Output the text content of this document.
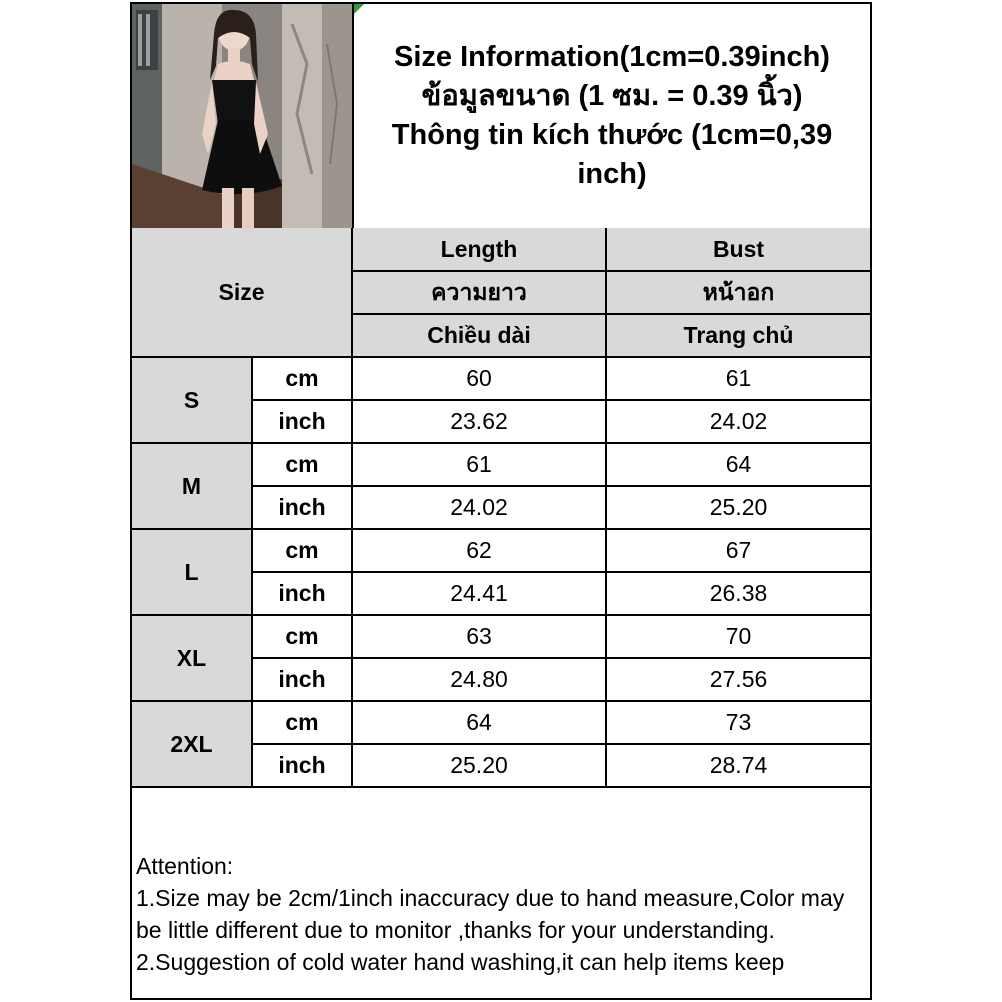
Size Information(1cm=0.39inch)
ข้อมูลขนาด (1 ซม. = 0.39 นิ้ว)
Thông tin kích thước (1cm=0,39 inch)
Size		Length	Bust
		ความยาว	หน้าอก
		Chiều dài	Trang chủ
S	cm	60	61
	inch	23.62	24.02
M	cm	61	64
	inch	24.02	25.20
L	cm	62	67
	inch	24.41	26.38
XL	cm	63	70
	inch	24.80	27.56
2XL	cm	64	73
	inch	25.20	28.74

Attention:

1.Size may be 2cm/1inch inaccuracy due to hand measure,Color may be little different due to monitor ,thanks for your understanding.

2.Suggestion of cold water hand washing,it can help items keep
